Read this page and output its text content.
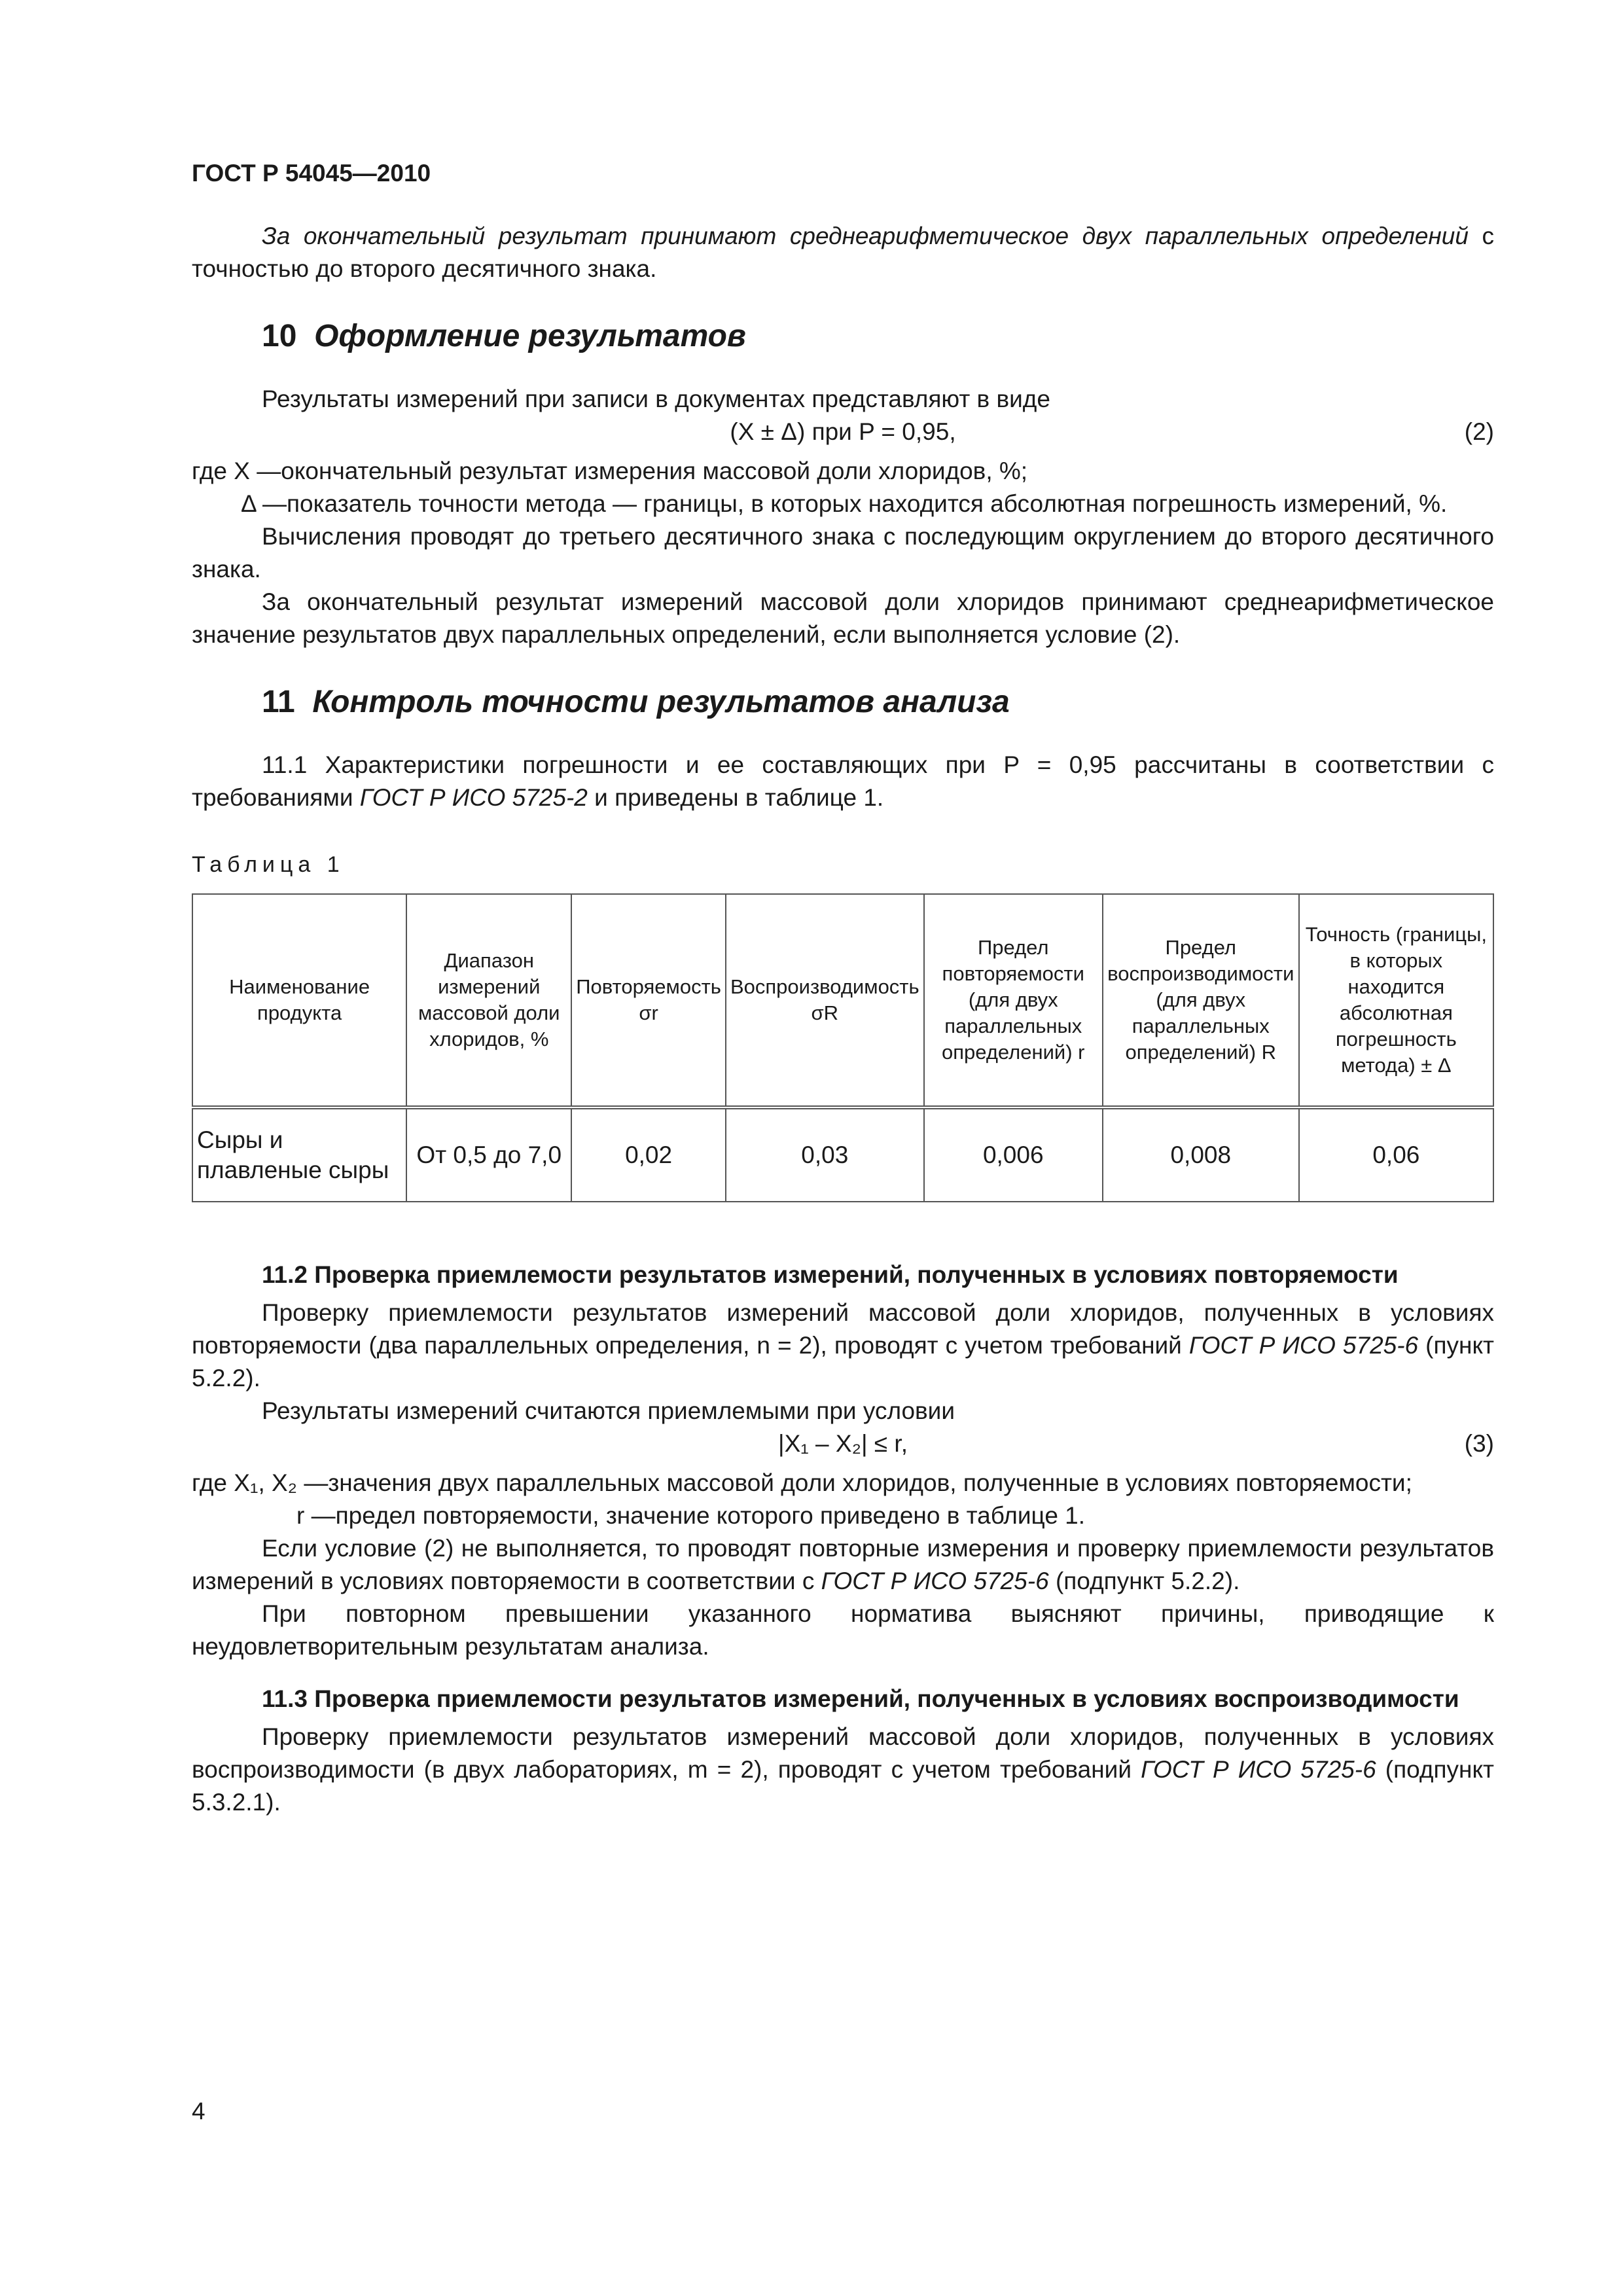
ГОСТ Р 54045—2010

За окончательный результат принимают среднеарифметическое двух параллельных определений с точностью до второго десятичного знака.

10 Оформление результатов

Результаты измерений при записи в документах представляют в виде

(X ± Δ) при P = 0,95,	(2)
где X — окончательный результат измерения массовой доли хлоридов, %;
Δ — показатель точности метода — границы, в которых находится абсолютная погрешность измерений, %.

Вычисления проводят до третьего десятичного знака с последующим округлением до второго десятичного знака.

За окончательный результат измерений массовой доли хлоридов принимают среднеарифметическое значение результатов двух параллельных определений, если выполняется условие (2).

11 Контроль точности результатов анализа

11.1 Характеристики погрешности и ее составляющих при P = 0,95 рассчитаны в соответствии с требованиями ГОСТ Р ИСО 5725-2 и приведены в таблице 1.

Таблица 1
Наименование продукта	Диапазон измерений массовой доли хлоридов, %	Повторяемость σr	Воспроизводимость σR	Предел повторяемости (для двух параллельных определений) r	Предел воспроизводимости (для двух параллельных определений) R	Точность (границы, в которых находится абсолютная погрешность метода) ± Δ
Сыры и плавленые сыры	От 0,5 до 7,0	0,02	0,03	0,006	0,008	0,06
11.2 Проверка приемлемости результатов измерений, полученных в условиях повторяемости

Проверку приемлемости результатов измерений массовой доли хлоридов, полученных в условиях повторяемости (два параллельных определения, n = 2), проводят с учетом требований ГОСТ Р ИСО 5725-6 (пункт 5.2.2).

Результаты измерений считаются приемлемыми при условии

|X₁ – X₂| ≤ r,	(3)
где X₁, X₂ — значения двух параллельных массовой доли хлоридов, полученные в условиях повторяемости;
r — предел повторяемости, значение которого приведено в таблице 1.

Если условие (2) не выполняется, то проводят повторные измерения и проверку приемлемости результатов измерений в условиях повторяемости в соответствии с ГОСТ Р ИСО 5725-6 (подпункт 5.2.2).

При повторном превышении указанного норматива выясняют причины, приводящие к неудовлетворительным результатам анализа.

11.3 Проверка приемлемости результатов измерений, полученных в условиях воспроизводимости

Проверку приемлемости результатов измерений массовой доли хлоридов, полученных в условиях воспроизводимости (в двух лабораториях, m = 2), проводят с учетом требований ГОСТ Р ИСО 5725-6 (подпункт 5.3.2.1).

4
